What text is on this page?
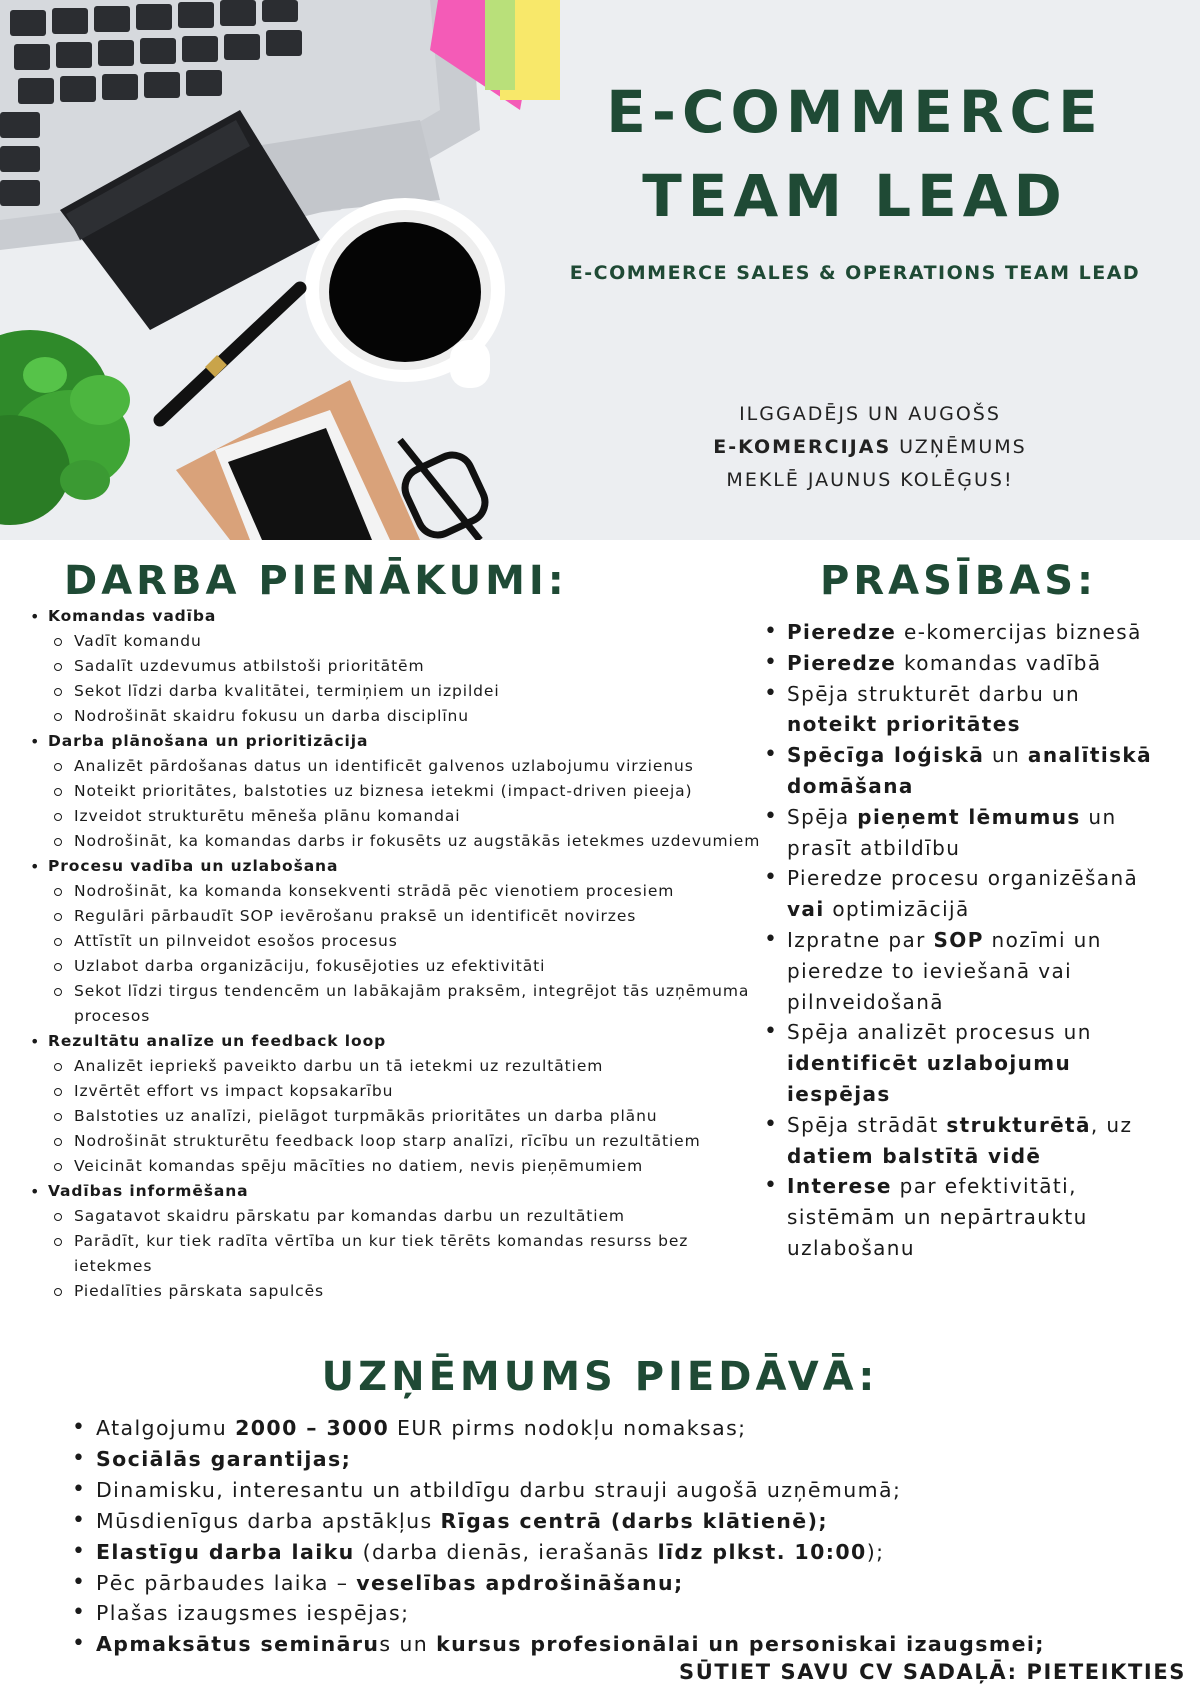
E-COMMERCE
TEAM LEAD
E-COMMERCE SALES & OPERATIONS TEAM LEAD
ILGGADĒJS UN AUGOŠS
E-KOMERCIJAS UZŅĒMUMS
MEKLĒ JAUNUS KOLĒĢUS!
DARBA PIENĀKUMI:
• Komandas vadība
Vadīt komandu
Sadalīt uzdevumus atbilstoši prioritātēm
Sekot līdzi darba kvalitātei, termiņiem un izpildei
Nodrošināt skaidru fokusu un darba disciplīnu
• Darba plānošana un prioritizācija
Analizēt pārdošanas datus un identificēt galvenos uzlabojumu virzienus
Noteikt prioritātes, balstoties uz biznesa ietekmi (impact-driven pieeja)
Izveidot strukturētu mēneša plānu komandai
Nodrošināt, ka komandas darbs ir fokusēts uz augstākās ietekmes uzdevumiem
• Procesu vadība un uzlabošana
Nodrošināt, ka komanda konsekventi strādā pēc vienotiem procesiem
Regulāri pārbaudīt SOP ievērošanu praksē un identificēt novirzes
Attīstīt un pilnveidot esošos procesus
Uzlabot darba organizāciju, fokusējoties uz efektivitāti
Sekot līdzi tirgus tendencēm un labākajām praksēm, integrējot tās uzņēmuma procesos
• Rezultātu analīze un feedback loop
Analizēt iepriekš paveikto darbu un tā ietekmi uz rezultātiem
Izvērtēt effort vs impact kopsakarību
Balstoties uz analīzi, pielāgot turpmākās prioritātes un darba plānu
Nodrošināt strukturētu feedback loop starp analīzi, rīcību un rezultātiem
Veicināt komandas spēju mācīties no datiem, nevis pieņēmumiem
• Vadības informēšana
Sagatavot skaidru pārskatu par komandas darbu un rezultātiem
Parādīt, kur tiek radīta vērtība un kur tiek tērēts komandas resurss bez ietekmes
Piedalīties pārskata sapulcēs
PRASĪBAS:
• Pieredze e-komercijas biznesā
• Pieredze komandas vadībā
• Spēja strukturēt darbu un noteikt prioritātes
• Spēcīga loģiskā un analītiskā domāšana
• Spēja pieņemt lēmumus un prasīt atbildību
• Pieredze procesu organizēšanā vai optimizācijā
• Izpratne par SOP nozīmi un pieredze to ieviešanā vai pilnveidošanā
• Spēja analizēt procesus un identificēt uzlabojumu iespējas
• Spēja strādāt strukturētā, uz datiem balstītā vidē
• Interese par efektivitāti, sistēmām un nepārtrauktu uzlabošanu
UZŅĒMUMS PIEDĀVĀ:
• Atalgojumu 2000 – 3000 EUR pirms nodokļu nomaksas;
• Sociālās garantijas;
• Dinamisku, interesantu un atbildīgu darbu strauji augošā uzņēmumā;
• Mūsdienīgus darba apstākļus Rīgas centrā (darbs klātienē);
• Elastīgu darba laiku (darba dienās, ierašanās līdz plkst. 10:00);
• Pēc pārbaudes laika – veselības apdrošināšanu;
• Plašas izaugsmes iespējas;
• Apmaksātus seminārus un kursus profesionālai un personiskai izaugsmei;
SŪTIET SAVU CV SADAĻĀ: PIETEIKTIES
